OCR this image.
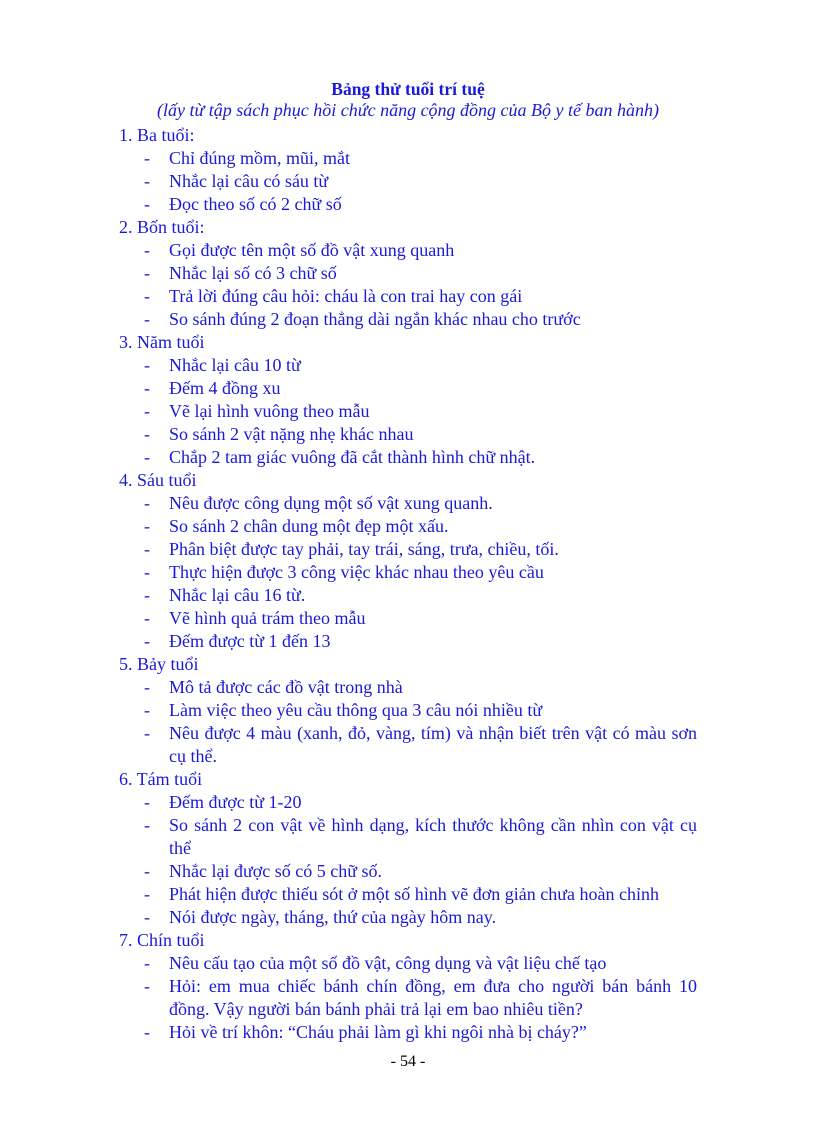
Bảng thử tuổi trí tuệ
(lấy từ tập sách phục hồi chức năng cộng đồng của Bộ y tế ban hành)
1. Ba tuổi:
- Chỉ đúng mồm, mũi, mắt
- Nhắc lại câu có sáu từ
- Đọc theo số có 2 chữ số
2. Bốn tuổi:
- Gọi được tên một số đồ vật xung quanh
- Nhắc lại số có 3 chữ số
- Trả lời đúng câu hỏi: cháu là con trai hay con gái
- So sánh đúng 2 đoạn thẳng dài ngắn khác nhau cho trước
3. Năm tuổi
- Nhắc lại câu 10 từ
- Đếm 4 đồng xu
- Vẽ lại hình vuông theo mẫu
- So sánh 2 vật nặng nhẹ khác nhau
- Chắp 2 tam giác vuông đã cắt thành hình chữ nhật.
4. Sáu tuổi
- Nêu được công dụng một số vật xung quanh.
- So sánh 2 chân dung một đẹp một xấu.
- Phân biệt được tay phải, tay trái, sáng, trưa, chiều, tối.
- Thực hiện được 3 công việc khác nhau theo yêu cầu
- Nhắc lại câu 16 từ.
- Vẽ hình quả trám theo mẫu
- Đếm được từ 1 đến 13
5. Bảy tuổi
- Mô tả được các đồ vật trong nhà
- Làm việc theo yêu cầu thông qua 3 câu nói nhiều từ
- Nêu được 4 màu (xanh, đỏ, vàng, tím) và nhận biết trên vật có màu sơn cụ thể.
6. Tám tuổi
- Đếm được từ 1-20
- So sánh 2 con vật về hình dạng, kích thước không cần nhìn con vật cụ thể
- Nhắc lại được số có 5 chữ số.
- Phát hiện được thiếu sót ở một số hình vẽ đơn giản chưa hoàn chỉnh
- Nói được ngày, tháng, thứ của ngày hôm nay.
7. Chín tuổi
- Nêu cấu tạo của một số đồ vật, công dụng và vật liệu chế tạo
- Hỏi: em mua chiếc bánh chín đồng, em đưa cho người bán bánh 10 đồng. Vậy người bán bánh phải trả lại em bao nhiêu tiền?
- Hỏi về trí khôn: “Cháu phải làm gì khi ngôi nhà bị cháy?”
- 54 -
